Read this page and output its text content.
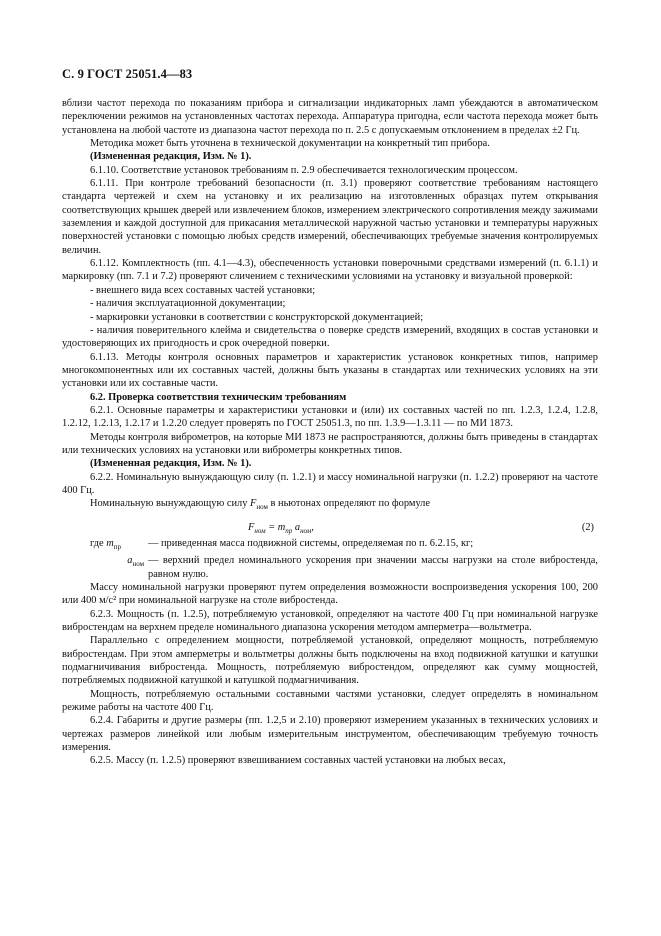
С. 9 ГОСТ 25051.4—83

вблизи частот перехода по показаниям прибора и сигнализации индикаторных ламп убеждаются в автоматическом переключении режимов на установленных частотах перехода. Аппаратура пригодна, если частота перехода может быть установлена на любой частоте из диапазона частот перехода по п. 2.5 с допускаемым отклонением в пределах ±2 Гц.

Методика может быть уточнена в технической документации на конкретный тип прибора.

(Измененная редакция, Изм. № 1).

6.1.10. Соответствие установок требованиям п. 2.9 обеспечивается технологическим процессом.

6.1.11. При контроле требований безопасности (п. 3.1) проверяют соответствие требованиям настоящего стандарта чертежей и схем на установку и их реализацию на изготовленных образцах путем открывания соответствующих крышек дверей или извлечением блоков, измерением электрического сопротивления между зажимами заземления и каждой доступной для прикасания металлической наружной частью установки и температуры наружных поверхностей установки с помощью любых средств измерений, обеспечивающих требуемые значения контролируемых величин.

6.1.12. Комплектность (пп. 4.1—4.3), обеспеченность установки поверочными средствами измерений (п. 6.1.1) и маркировку (пп. 7.1 и 7.2) проверяют сличением с техническими условиями на установку и визуальной проверкой:

- внешнего вида всех составных частей установки;

- наличия эксплуатационной документации;

- маркировки установки в соответствии с конструкторской документацией;

- наличия поверительного клейма и свидетельства о поверке средств измерений, входящих в состав установки и удостоверяющих их пригодность и срок очередной поверки.

6.1.13. Методы контроля основных параметров и характеристик установок конкретных типов, например многокомпонентных или их составных частей, должны быть указаны в стандартах или технических условиях на эти установки или их составные части.

6.2. Проверка соответствия техническим требованиям

6.2.1. Основные параметры и характеристики установки и (или) их составных частей по пп. 1.2.3, 1.2.4, 1.2.8, 1.2.12, 1.2.13, 1.2.17 и 1.2.20 следует проверять по ГОСТ 25051.3, по пп. 1.3.9—1.3.11 — по МИ 1873.

Методы контроля виброметров, на которые МИ 1873 не распространяются, должны быть приведены в стандартах или технических условиях на установки или виброметры конкретных типов.

(Измененная редакция, Изм. № 1).

6.2.2. Номинальную вынуждающую силу (п. 1.2.1) и массу номинальной нагрузки (п. 1.2.2) проверяют на частоте 400 Гц.

Номинальную вынуждающую силу $F_{ном}$ в ньютонах определяют по формуле

$F_{ном} = m_{пр}$ $a_{ном}$,	(2)
где $m_{пр}$	— приведенная масса подвижной системы, определяемая по п. 6.2.15, кг;
$a_{ном}$ — верхний предел номинального ускорения при значении массы нагрузки на столе вибростенда, равном нулю.

Массу номинальной нагрузки проверяют путем определения возможности воспроизведения ускорения 100, 200 или 400 м/с² при номинальной нагрузке на столе вибростенда.

6.2.3. Мощность (п. 1.2.5), потребляемую установкой, определяют на частоте 400 Гц при номинальной нагрузке вибростендам на верхнем пределе номинального диапазона ускорения методом амперметра—вольтметра.

Параллельно с определением мощности, потребляемой установкой, определяют мощность, потребляемую вибростендам. При этом амперметры и вольтметры должны быть подключены на вход подвижной катушки и катушки подмагничивания вибростенда. Мощность, потребляемую вибростендом, определяют как сумму мощностей, потребляемых подвижной катушкой и катушкой подмагничивания.

Мощность, потребляемую остальными составными частями установки, следует определять в номинальном режиме работы на частоте 400 Гц.

6.2.4. Габариты и другие размеры (пп. 1.2,5 и 2.10) проверяют измерением указанных в технических условиях и чертежах размеров линейкой или любым измерительным инструментом, обеспечивающим требуемую точность измерения.

6.2.5. Массу (п. 1.2.5) проверяют взвешиванием составных частей установки на любых весах,
